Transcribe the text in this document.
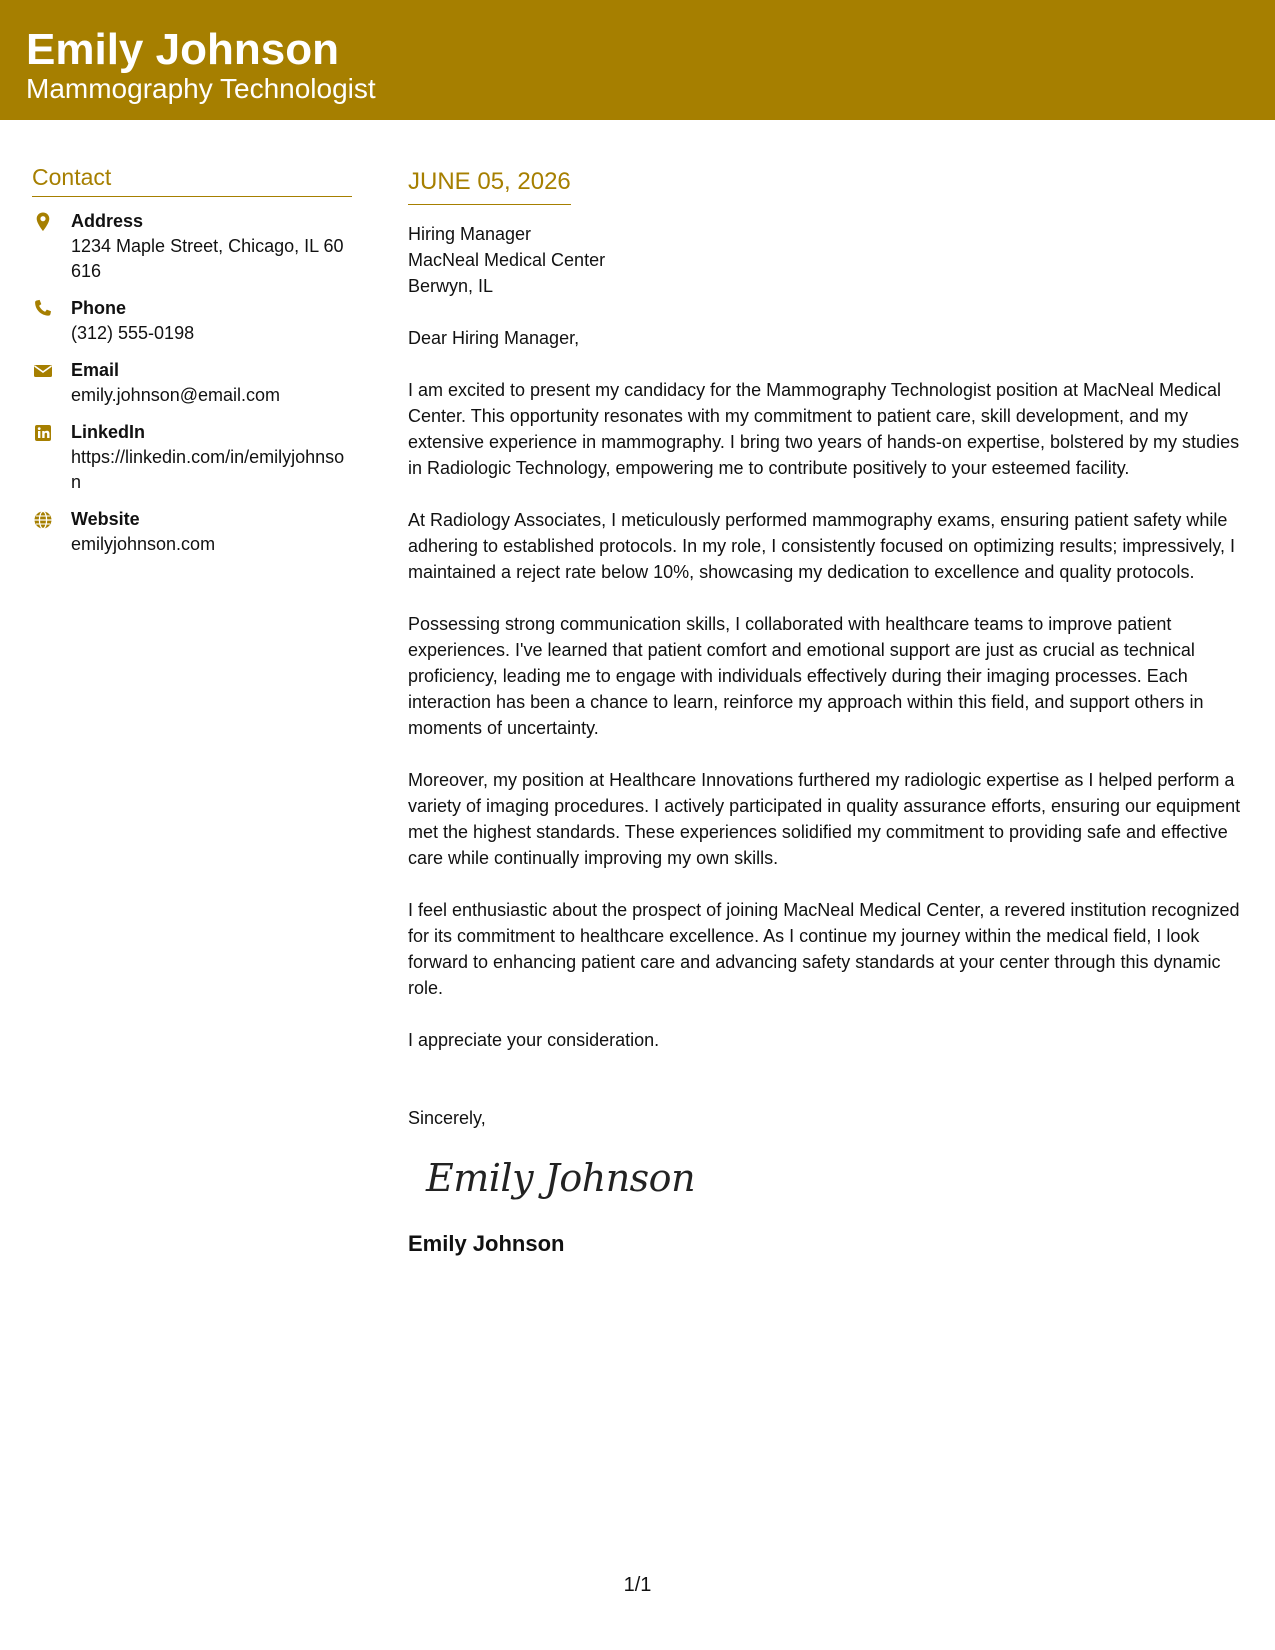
Emily Johnson
Mammography Technologist
Contact
Address
1234 Maple Street, Chicago, IL 60616
Phone
(312) 555-0198
Email
emily.johnson@email.com
LinkedIn
https://linkedin.com/in/emilyjohnson
Website
emilyjohnson.com
JUNE 05, 2026
Hiring Manager
MacNeal Medical Center
Berwyn, IL
Dear Hiring Manager,

I am excited to present my candidacy for the Mammography Technologist position at MacNeal Medical Center. This opportunity resonates with my commitment to patient care, skill development, and my extensive experience in mammography. I bring two years of hands-on expertise, bolstered by my studies in Radiologic Technology, empowering me to contribute positively to your esteemed facility.

At Radiology Associates, I meticulously performed mammography exams, ensuring patient safety while adhering to established protocols. In my role, I consistently focused on optimizing results; impressively, I maintained a reject rate below 10%, showcasing my dedication to excellence and quality protocols.

Possessing strong communication skills, I collaborated with healthcare teams to improve patient experiences. I've learned that patient comfort and emotional support are just as crucial as technical proficiency, leading me to engage with individuals effectively during their imaging processes. Each interaction has been a chance to learn, reinforce my approach within this field, and support others in moments of uncertainty.

Moreover, my position at Healthcare Innovations furthered my radiologic expertise as I helped perform a variety of imaging procedures. I actively participated in quality assurance efforts, ensuring our equipment met the highest standards. These experiences solidified my commitment to providing safe and effective care while continually improving my own skills.

I feel enthusiastic about the prospect of joining MacNeal Medical Center, a revered institution recognized for its commitment to healthcare excellence. As I continue my journey within the medical field, I look forward to enhancing patient care and advancing safety standards at your center through this dynamic role.

I appreciate your consideration.

Sincerely,
Emily Johnson
Emily Johnson
1/1
